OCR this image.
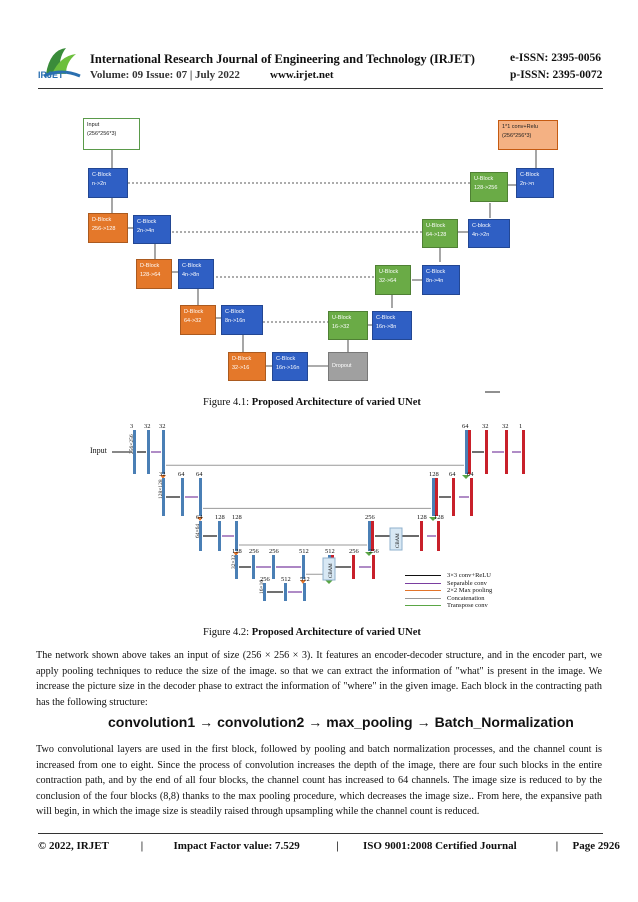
IRJET
International Research Journal of Engineering and Technology (IRJET)	e-ISSN: 2395-0056
Volume: 09 Issue: 07 | July 2022	www.irjet.net	p-ISSN: 2395-0072
Input
(256*256*3)
1*1 conv+Relu
(256*256*3)
C-Block
n->2n
D-Block
256->128
C-Block
2n->4n
D-Block
128->64
C-Block
4n->8n
D-Block
64->32
C-Block
8n->16n
D-Block
32->16
C-Block
16n->16n	Dropout
U-Block
16->32
C-Block
16n->8n
U-Block
32->64
C-Block
8n->4n
U-Block
64->128
C-block
4n->2n
U-Block
128->256
C-Block
2n->n
Figure 4.1: Proposed Architecture of varied UNet
3 32 32
256×256
32 64 64
128×128
64 128 128
64×64
128 256 256	512
32×32
256 512 512
16×16
64 32 32 1
128 64 64
256	128 128
512 256 256
CBAM
CBAM
Input
3×3 conv+ReLU
Separable conv
2×2 Max pooling
Concatenation
Transpose conv
Figure 4.2: Proposed Architecture of varied UNet
The network shown above takes an input of size (256 × 256 × 3). It features an encoder-decoder structure, and in the encoder part, we apply pooling techniques to reduce the size of the image. so that we can extract the information of "what" is present in the image. We increase the picture size in the decoder phase to extract the information of "where" in the given image. Each block in the contracting path has the following structure:
convolution1 → convolution2 → max_pooling → Batch_Normalization
Two convolutional layers are used in the first block, followed by pooling and batch normalization processes, and the channel count is increased from one to eight. Since the process of convolution increases the depth of the image, there are four such blocks in the entire contraction path, and by the end of all four blocks, the channel count has increased to 64 channels. The image size is reduced to by the conclusion of the four blocks (8,8) thanks to the max pooling procedure, which decreases the image size.. From here, the expansive path will begin, in which the image size is steadily raised through upsampling while the channel count is reduced.
© 2022, IRJET	|	Impact Factor value: 7.529	| ISO 9001:2008 Certified Journal	| Page 2926
